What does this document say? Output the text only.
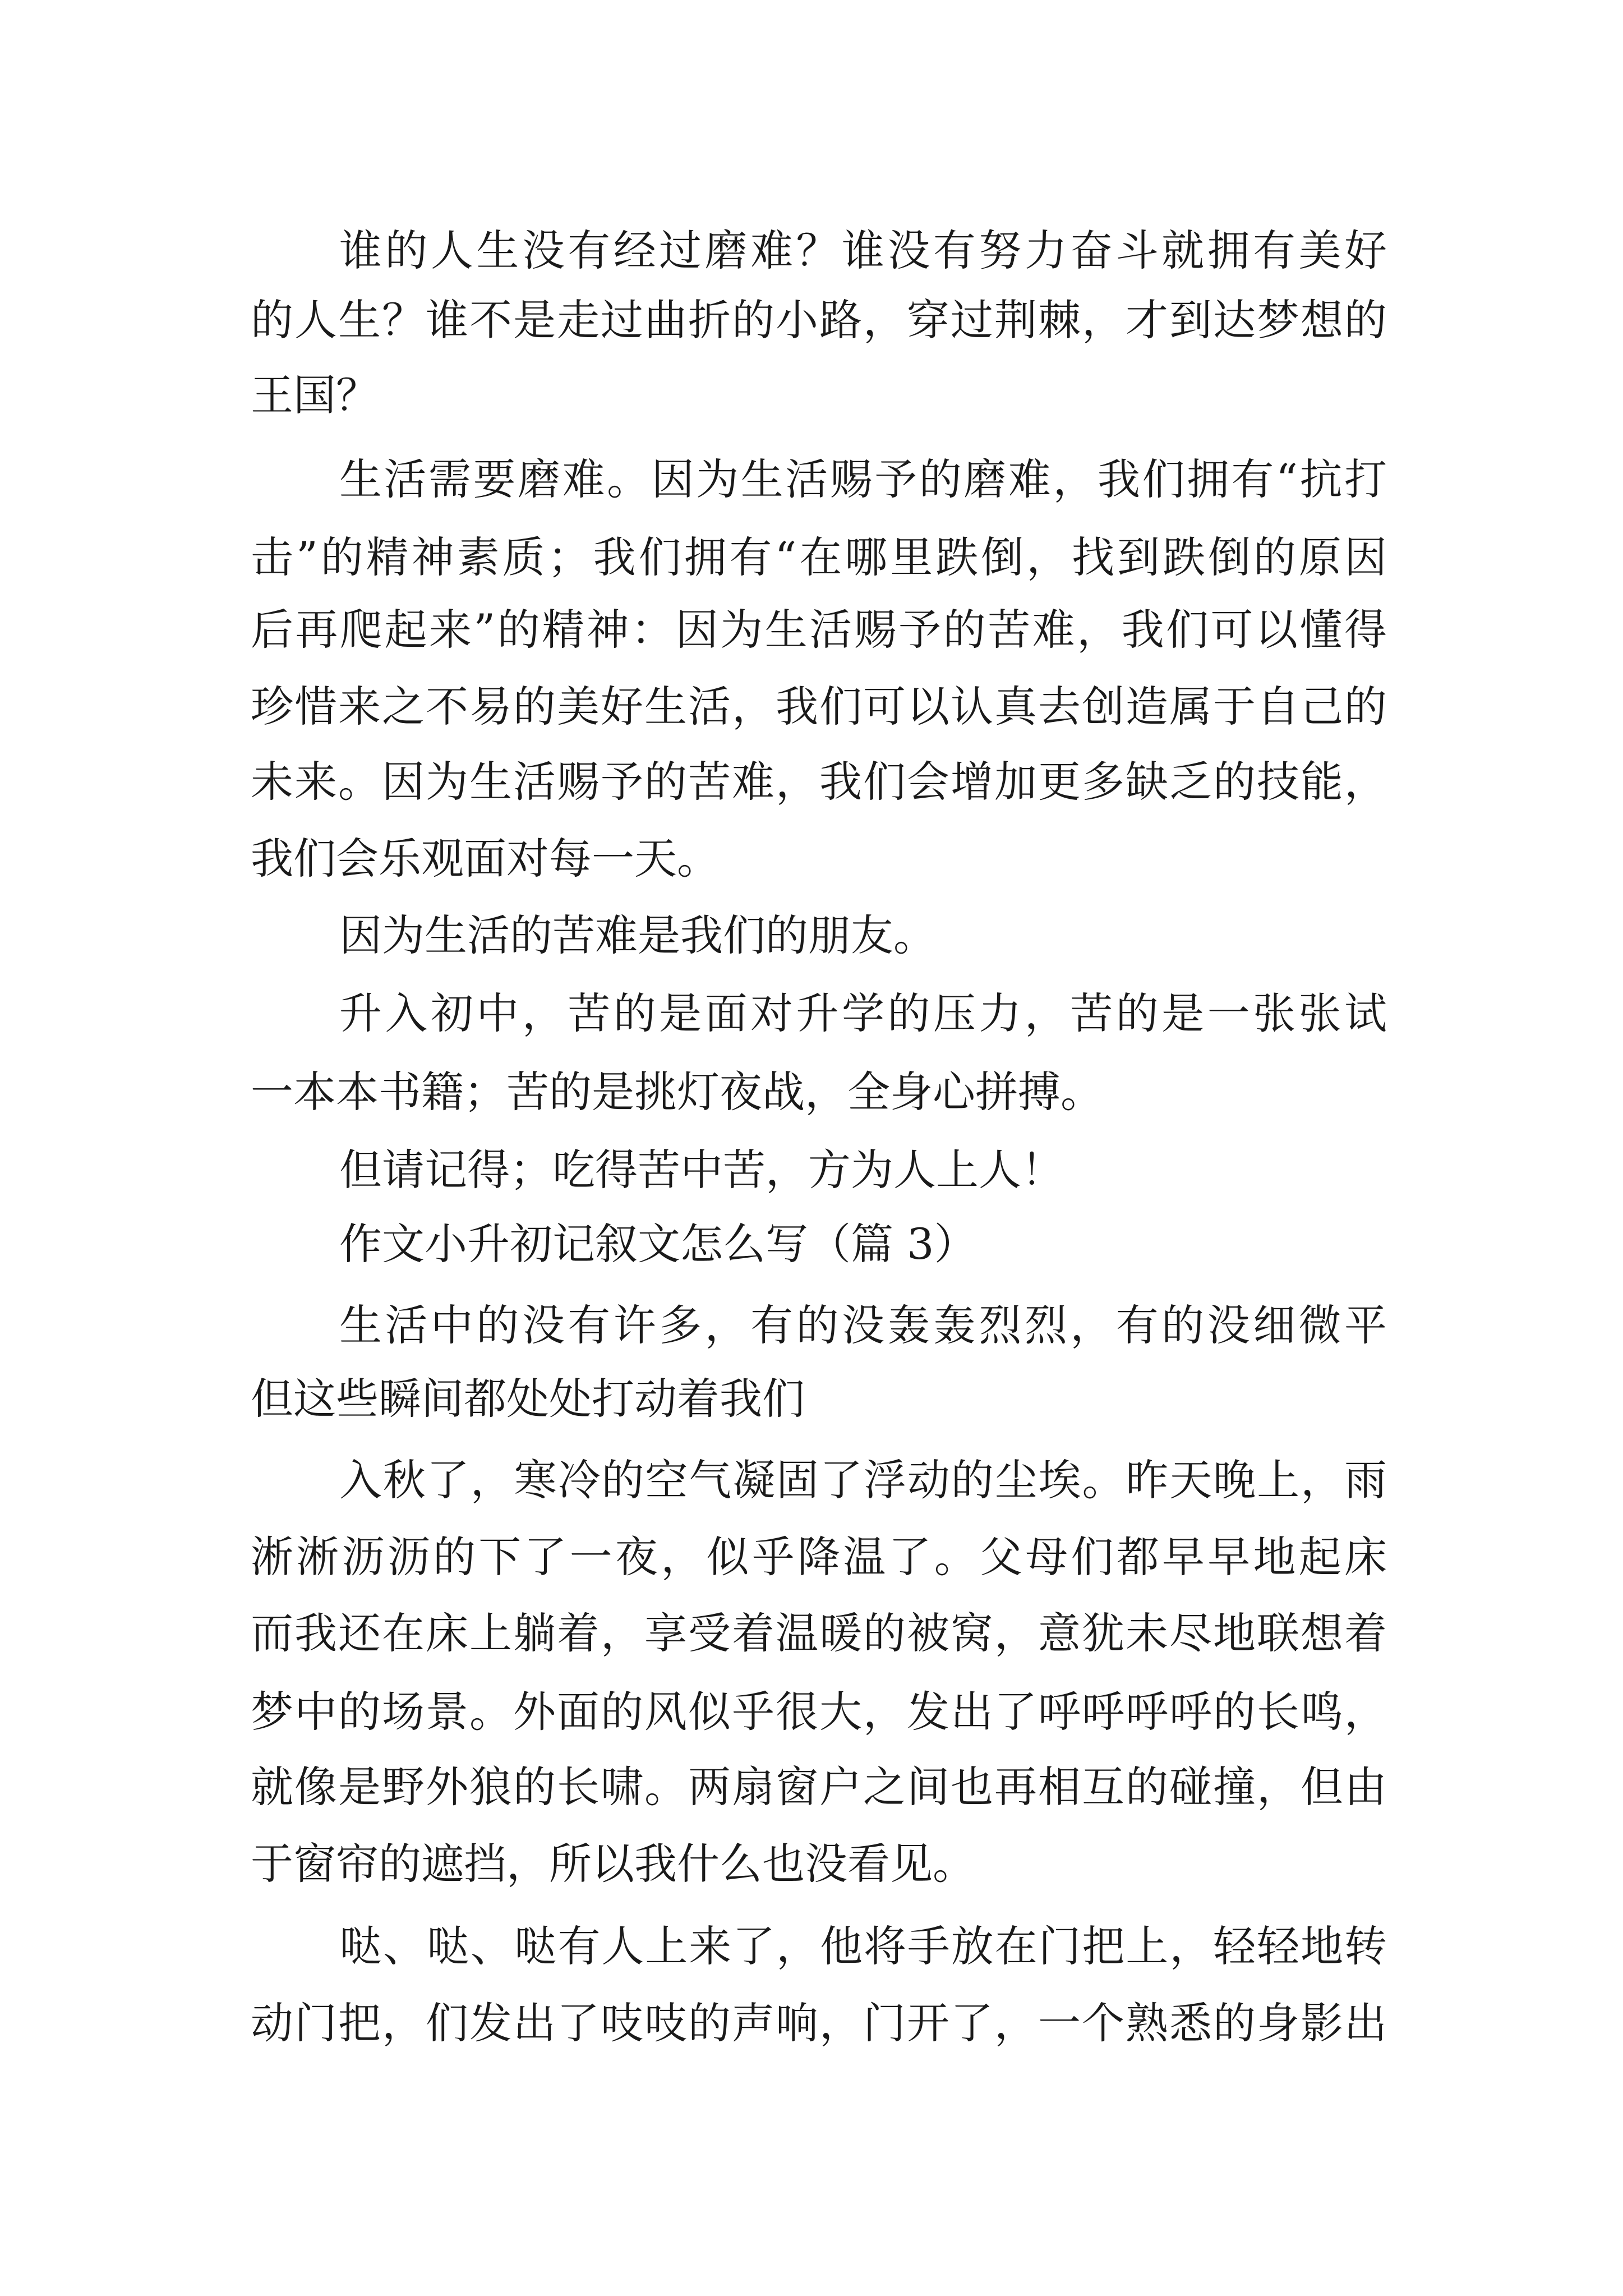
谁的人生没有经过磨难？谁没有努力奋斗就拥有美好
的人生？谁不是走过曲折的小路，穿过荆棘，才到达梦想的
王国？
生活需要磨难。因为生活赐予的磨难，我们拥有“抗打
击”的精神素质；我们拥有“在哪里跌倒，找到跌倒的原因
后再爬起来”的精神：因为生活赐予的苦难，我们可以懂得
珍惜来之不易的美好生活，我们可以认真去创造属于自己的
未来。因为生活赐予的苦难，我们会增加更多缺乏的技能，
我们会乐观面对每一天。
因为生活的苦难是我们的朋友。
升入初中，苦的是面对升学的压力，苦的是一张张试
一本本书籍；苦的是挑灯夜战，全身心拼搏。
但请记得；吃得苦中苦，方为人上人！
作文小升初记叙文怎么写（篇 3）
生活中的没有许多，有的没轰轰烈烈，有的没细微平
但这些瞬间都处处打动着我们
入秋了，寒冷的空气凝固了浮动的尘埃。昨天晚上，雨
淅淅沥沥的下了一夜，似乎降温了。父母们都早早地起床
而我还在床上躺着，享受着温暖的被窝，意犹未尽地联想着
梦中的场景。外面的风似乎很大，发出了呼呼呼呼的长鸣，
就像是野外狼的长啸。两扇窗户之间也再相互的碰撞，但由
于窗帘的遮挡，所以我什么也没看见。
哒、哒、哒有人上来了，他将手放在门把上，轻轻地转
动门把，们发出了吱吱的声响，门开了，一个熟悉的身影出
